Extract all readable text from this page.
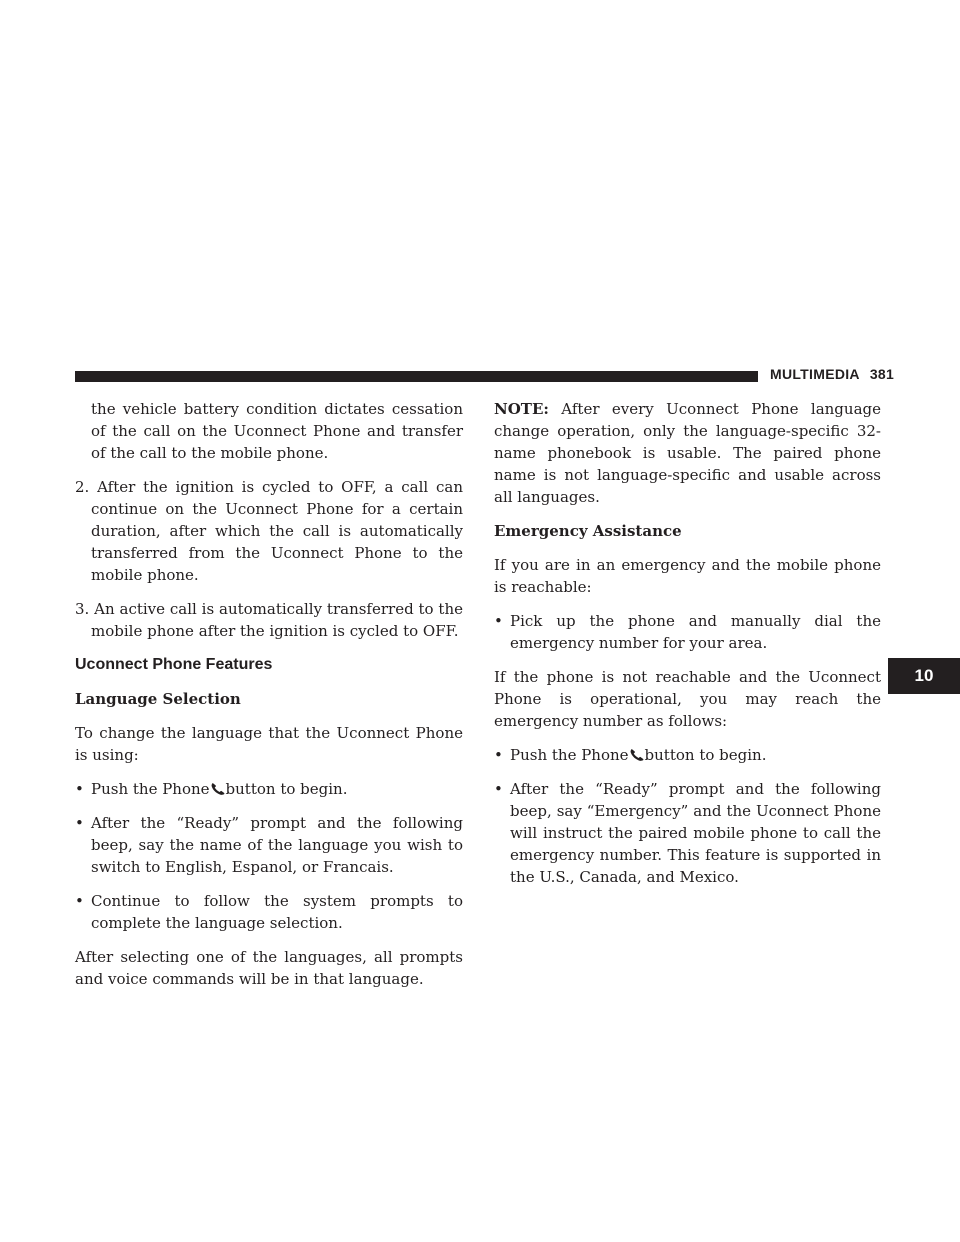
MULTIMEDIA 381
10

the vehicle battery condition dictates cessation of the call on the Uconnect Phone and transfer of the call to the mobile phone.

2. After the ignition is cycled to OFF, a call can continue on the Uconnect Phone for a certain duration, after which the call is automatically transferred from the Uconnect Phone to the mobile phone.

3. An active call is automatically transferred to the mobile phone after the ignition is cycled to OFF.

Uconnect Phone Features
Language Selection

To change the language that the Uconnect Phone is using:

• Push the Phone button to begin.
• After the “Ready” prompt and the following beep, say the name of the language you wish to switch to English, Espanol, or Francais.
• Continue to follow the system prompts to complete the language selection.

After selecting one of the languages, all prompts and voice commands will be in that language.

NOTE: After every Uconnect Phone language change operation, only the language-specific 32-name phonebook is usable. The paired phone name is not language-specific and usable across all languages.

Emergency Assistance

If you are in an emergency and the mobile phone is reachable:

• Pick up the phone and manually dial the emergency number for your area.

If the phone is not reachable and the Uconnect Phone is operational, you may reach the emergency number as follows:

• Push the Phone button to begin.
• After the “Ready” prompt and the following beep, say “Emergency” and the Uconnect Phone will instruct the paired mobile phone to call the emergency number. This feature is supported in the U.S., Canada, and Mexico.
